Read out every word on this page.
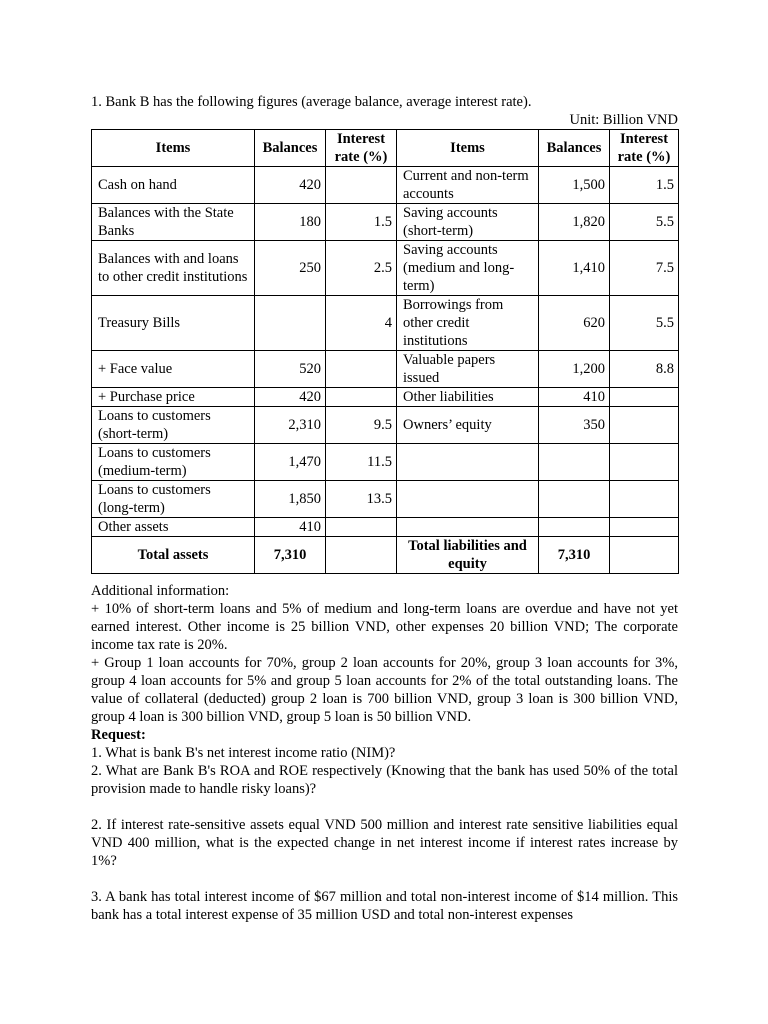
1. Bank B has the following figures (average balance, average interest rate).
Unit: Billion VND
Items	Balances	Interest rate (%)	Items	Balances	Interest rate (%)
Cash on hand	420		Current and non-term accounts	1,500	1.5
Balances with the State Banks	180	1.5	Saving accounts (short-term)	1,820	5.5
Balances with and loans to other credit institutions	250	2.5	Saving accounts (medium and long-term)	1,410	7.5
Treasury Bills		4	Borrowings from other credit institutions	620	5.5
+ Face value	520		Valuable papers issued	1,200	8.8
+ Purchase price	420		Other liabilities	410	
Loans to customers (short-term)	2,310	9.5	Owners’ equity	350	
Loans to customers (medium-term)	1,470	11.5			
Loans to customers (long-term)	1,850	13.5			
Other assets	410				
Total assets	7,310		Total liabilities and equity	7,310	
Additional information:
+ 10% of short-term loans and 5% of medium and long-term loans are overdue and have not yet earned interest. Other income is 25 billion VND, other expenses 20 billion VND; The corporate income tax rate is 20%.
+ Group 1 loan accounts for 70%, group 2 loan accounts for 20%, group 3 loan accounts for 3%, group 4 loan accounts for 5% and group 5 loan accounts for 2% of the total outstanding loans. The value of collateral (deducted) group 2 loan is 700 billion VND, group 3 loan is 300 billion VND, group 4 loan is 300 billion VND, group 5 loan is 50 billion VND.
Request:
1. What is bank B's net interest income ratio (NIM)?
2. What are Bank B's ROA and ROE respectively (Knowing that the bank has used 50% of the total provision made to handle risky loans)?
2. If interest rate-sensitive assets equal VND 500 million and interest rate sensitive liabilities equal VND 400 million, what is the expected change in net interest income if interest rates increase by 1%?
3. A bank has total interest income of $67 million and total non-interest income of $14 million. This bank has a total interest expense of 35 million USD and total non-interest expenses
